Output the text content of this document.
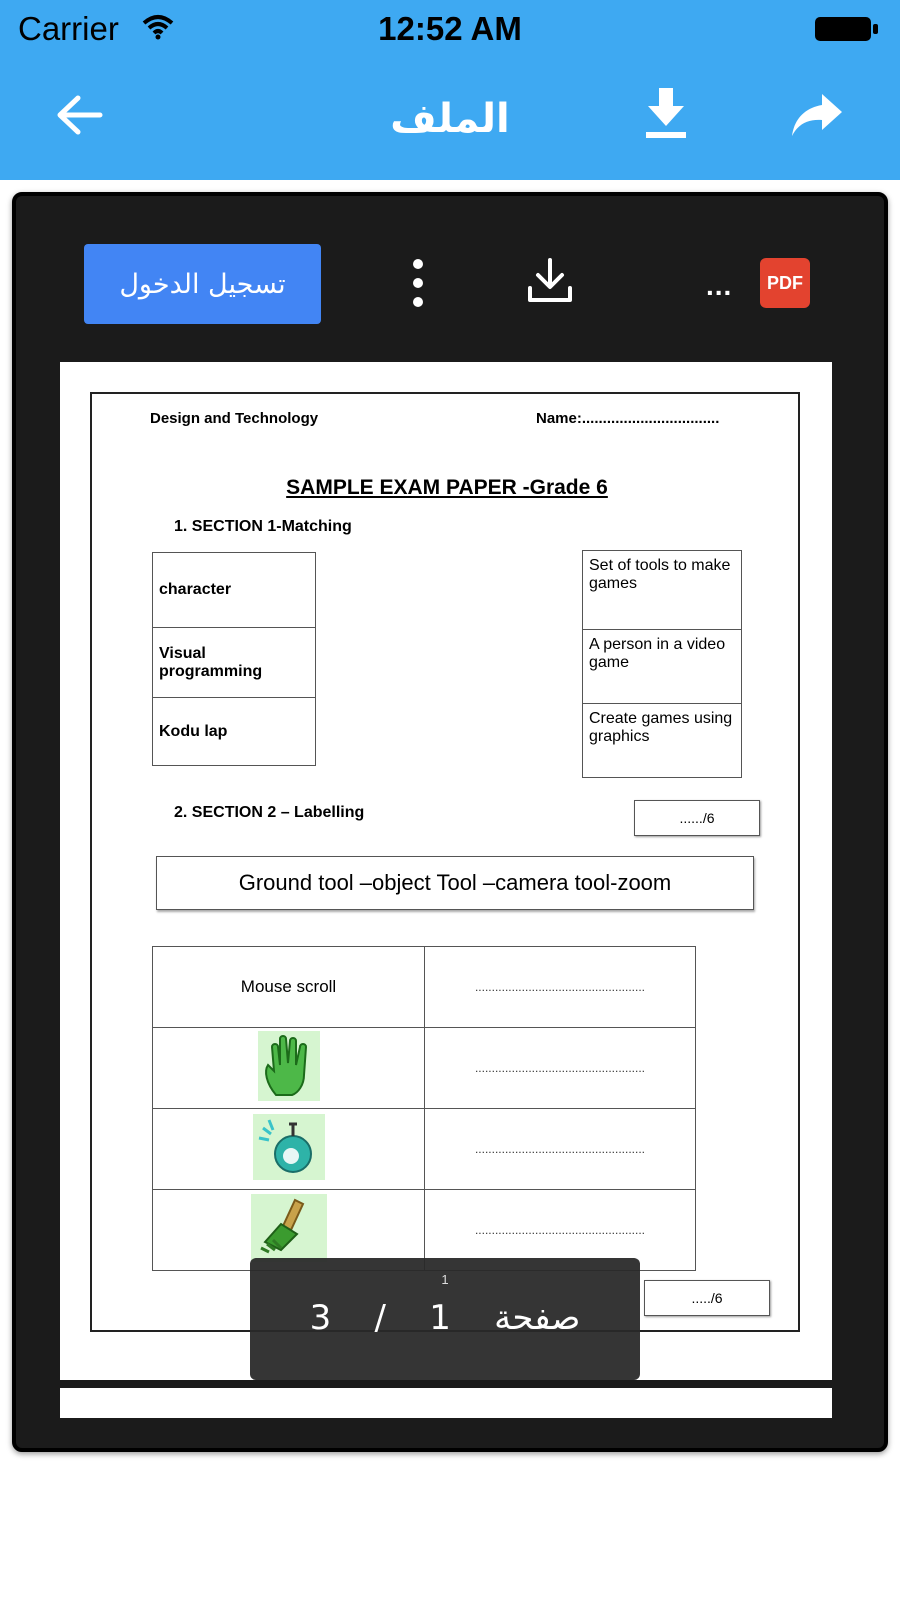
Carrier	12:52 AM
الملف
تسجيل الدخول	...	PDF
Design and Technology	Name:.................................
SAMPLE EXAM PAPER -Grade 6
1. SECTION 1-Matching
character
Visual programming
Kodu lap
Set of tools to make games
A person in a video game
Create games using graphics
2. SECTION 2 – Labelling	....../6
Ground tool –object Tool –camera tool-zoom
Mouse scroll	...................................................
	...................................................
	...................................................
	...................................................
...../6
1
3 / 1 صفحة
